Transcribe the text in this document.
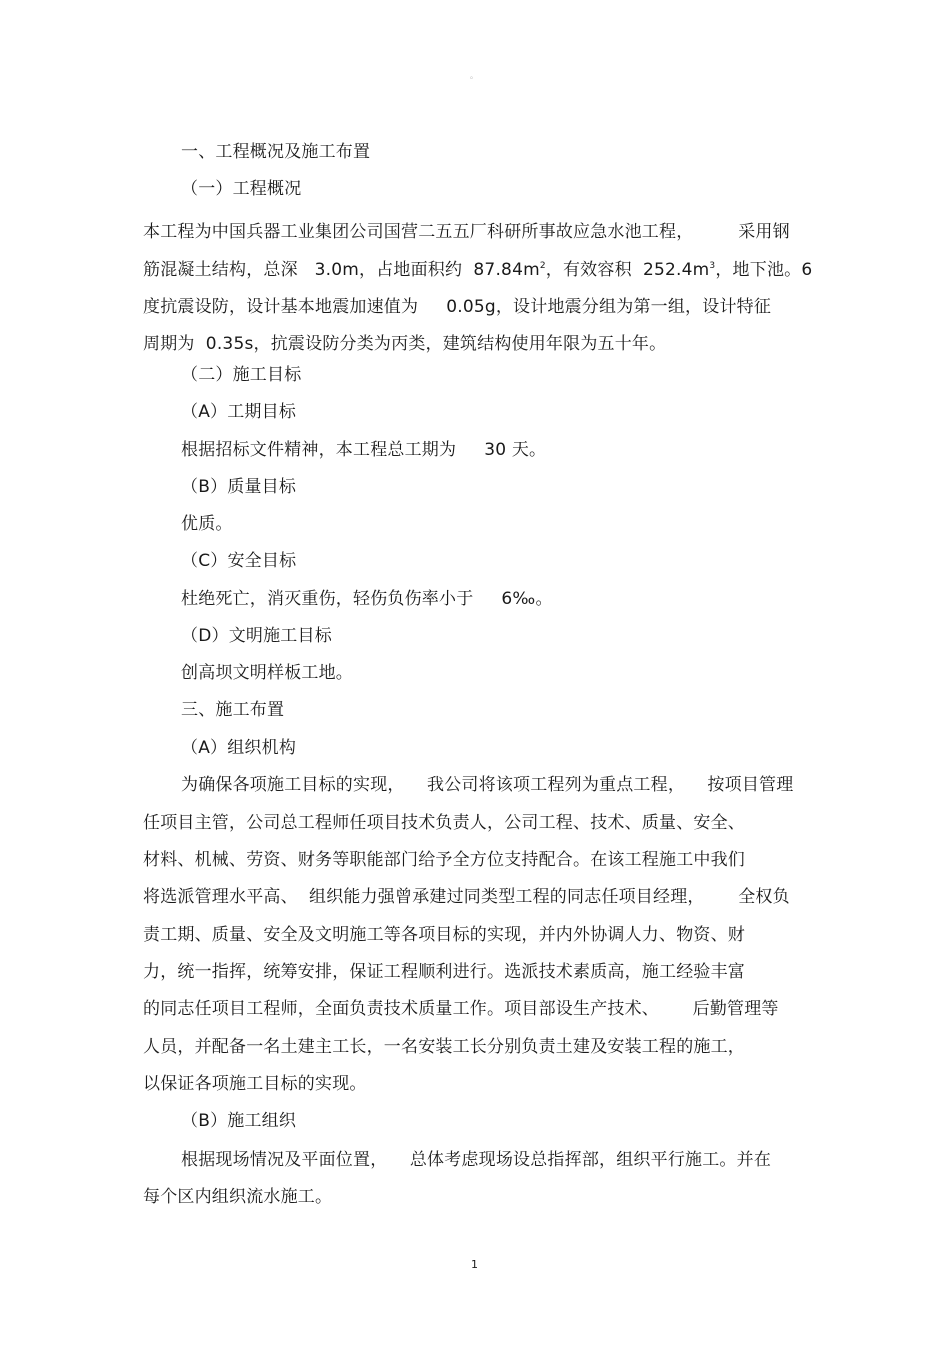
。
一、工程概况及施工布置
（一）工程概况
本工程为中国兵器工业集团公司国营二五五厂科研所事故应急水池工程，        采用钢
筋混凝土结构，总深   3.0m，占地面积约  $87.84m^2$，有效容积  $252.4m^3$，地下池。6
度抗震设防，设计基本地震加速值为     0.05g，设计地震分组为第一组，设计特征
周期为  0.35s，抗震设防分类为丙类，建筑结构使用年限为五十年。
（二）施工目标
（A）工期目标
根据招标文件精神，本工程总工期为     30 天。
（B）质量目标
优质。
（C）安全目标
杜绝死亡，消灭重伤，轻伤负伤率小于     6‰。
（D）文明施工目标
创高坝文明样板工地。
三、施工布置
（A）组织机构
为确保各项施工目标的实现，    我公司将该项工程列为重点工程，    按项目管理
任项目主管，公司总工程师任项目技术负责人，公司工程、技术、质量、安全、
材料、机械、劳资、财务等职能部门给予全方位支持配合。在该工程施工中我们
将选派管理水平高、  组织能力强曾承建过同类型工程的同志任项目经理，      全权负
责工期、质量、安全及文明施工等各项目标的实现，并内外协调人力、物资、财
力，统一指挥，统筹安排，保证工程顺利进行。选派技术素质高，施工经验丰富
的同志任项目工程师，全面负责技术质量工作。项目部设生产技术、      后勤管理等
人员，并配备一名土建主工长，一名安装工长分别负责土建及安装工程的施工，
以保证各项施工目标的实现。
（B）施工组织
根据现场情况及平面位置，    总体考虑现场设总指挥部，组织平行施工。并在
每个区内组织流水施工。
1
